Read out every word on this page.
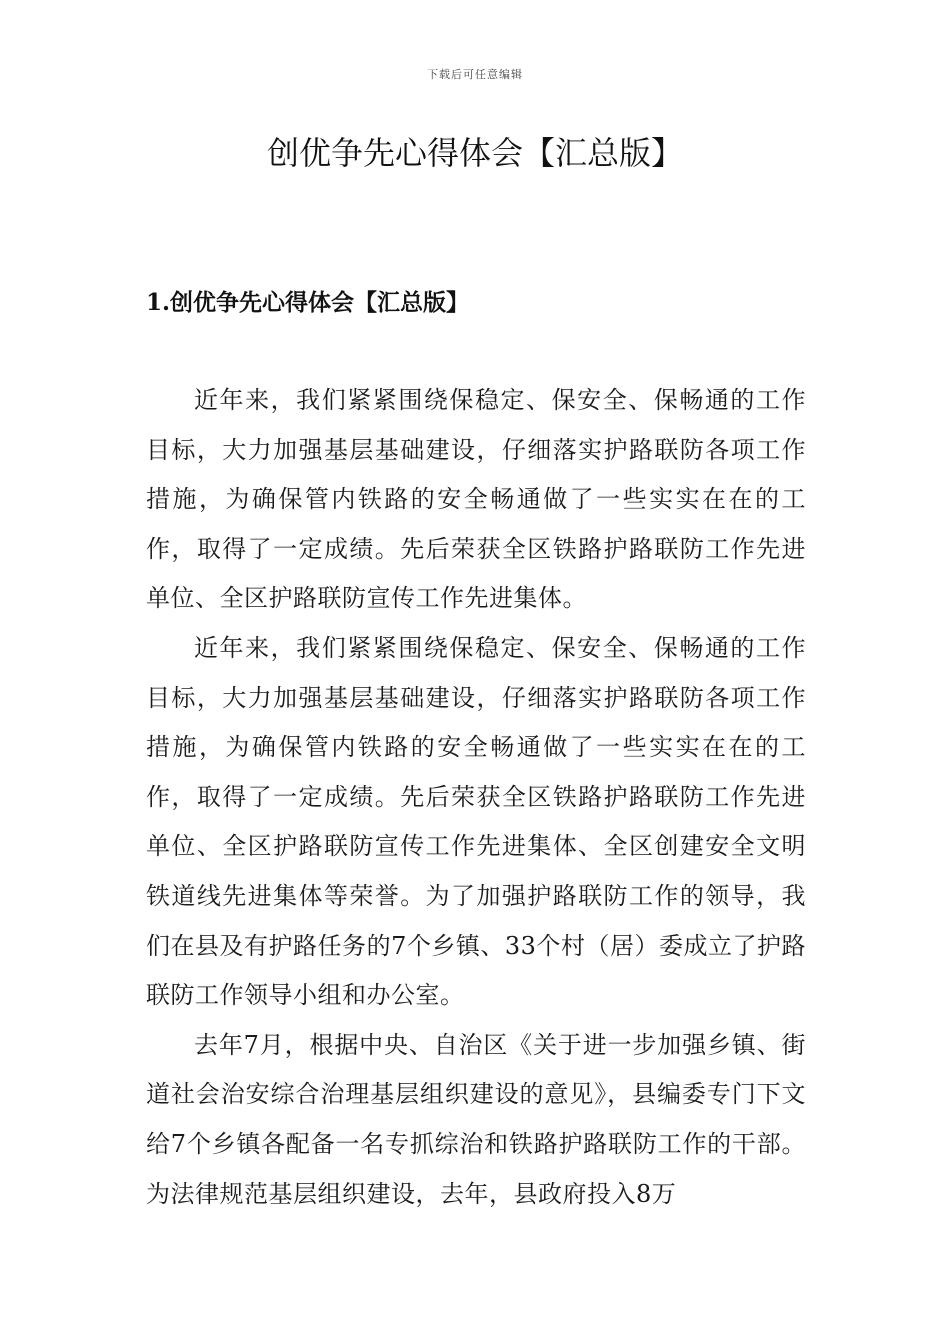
下载后可任意编辑
创优争先心得体会【汇总版】
1.创优争先心得体会【汇总版】

近年来，我们紧紧围绕保稳定、保安全、保畅通的工作目标，大力加强基层基础建设，仔细落实护路联防各项工作措施，为确保管内铁路的安全畅通做了一些实实在在的工作，取得了一定成绩。先后荣获全区铁路护路联防工作先进单位、全区护路联防宣传工作先进集体。

近年来，我们紧紧围绕保稳定、保安全、保畅通的工作目标，大力加强基层基础建设，仔细落实护路联防各项工作措施，为确保管内铁路的安全畅通做了一些实实在在的工作，取得了一定成绩。先后荣获全区铁路护路联防工作先进单位、全区护路联防宣传工作先进集体、全区创建安全文明铁道线先进集体等荣誉。为了加强护路联防工作的领导，我们在县及有护路任务的7个乡镇、33个村（居）委成立了护路联防工作领导小组和办公室。

去年7月，根据中央、自治区《关于进一步加强乡镇、街道社会治安综合治理基层组织建设的意见》，县编委专门下文给7个乡镇各配备一名专抓综治和铁路护路联防工作的干部。为法律规范基层组织建设，去年，县政府投入8万
